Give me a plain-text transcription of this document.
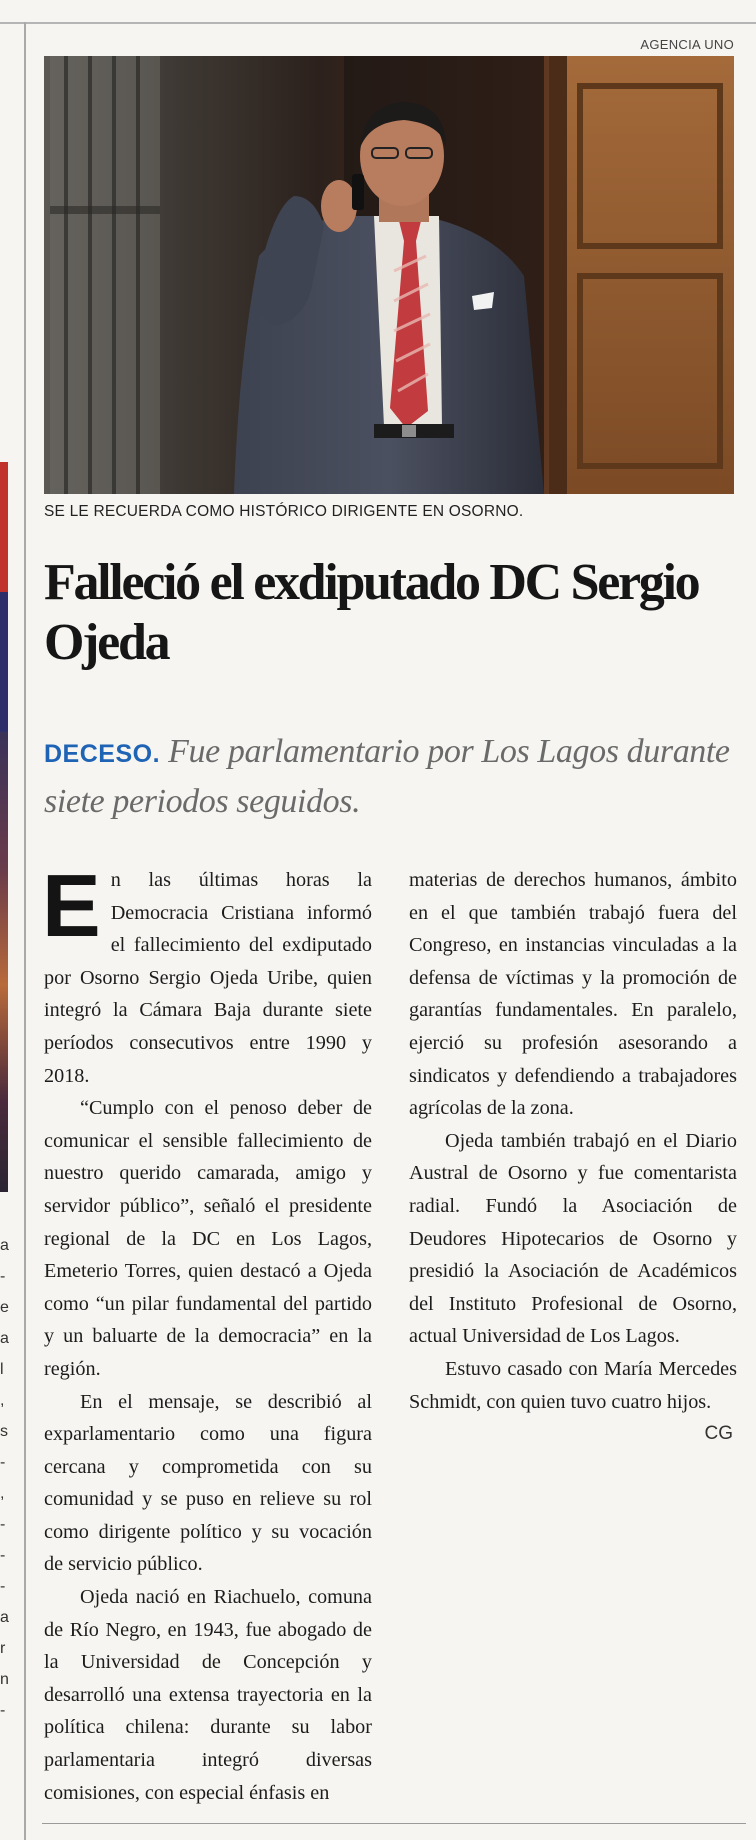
a
-
e
a
l
,
s
-
,
-
-
-
a
r
n
-
AGENCIA UNO
SE LE RECUERDA COMO HISTÓRICO DIRIGENTE EN OSORNO.
Falleció el exdiputado DC Sergio Ojeda

DECESO. Fue parlamentario por Los Lagos durante siete periodos seguidos.

E n las últimas horas la Democracia Cristiana informó el fallecimiento del exdiputado por Osorno Sergio Ojeda Uribe, quien integró la Cámara Baja durante siete períodos consecutivos entre 1990 y 2018.

“Cumplo con el penoso deber de comunicar el sensible fallecimiento de nuestro querido camarada, amigo y servidor público”, señaló el presidente regional de la DC en Los Lagos, Emeterio Torres, quien destacó a Ojeda como “un pilar fundamental del partido y un baluarte de la democracia” en la región.

En el mensaje, se describió al exparlamentario como una figura cercana y comprometida con su comunidad y se puso en relieve su rol como dirigente político y su vocación de servicio público.

Ojeda nació en Riachuelo, comuna de Río Negro, en 1943, fue abogado de la Universidad de Concepción y desarrolló una extensa trayectoria en la política chilena: durante su labor parlamentaria integró diversas comisiones, con especial énfasis en

materias de derechos humanos, ámbito en el que también trabajó fuera del Congreso, en instancias vinculadas a la defensa de víctimas y la promoción de garantías fundamentales. En paralelo, ejerció su profesión asesorando a sindicatos y defendiendo a trabajadores agrícolas de la zona.

Ojeda también trabajó en el Diario Austral de Osorno y fue comentarista radial. Fundó la Asociación de Deudores Hipotecarios de Osorno y presidió la Asociación de Académicos del Instituto Profesional de Osorno, actual Universidad de Los Lagos.

Estuvo casado con María Mercedes Schmidt, con quien tuvo cuatro hijos.
CG
